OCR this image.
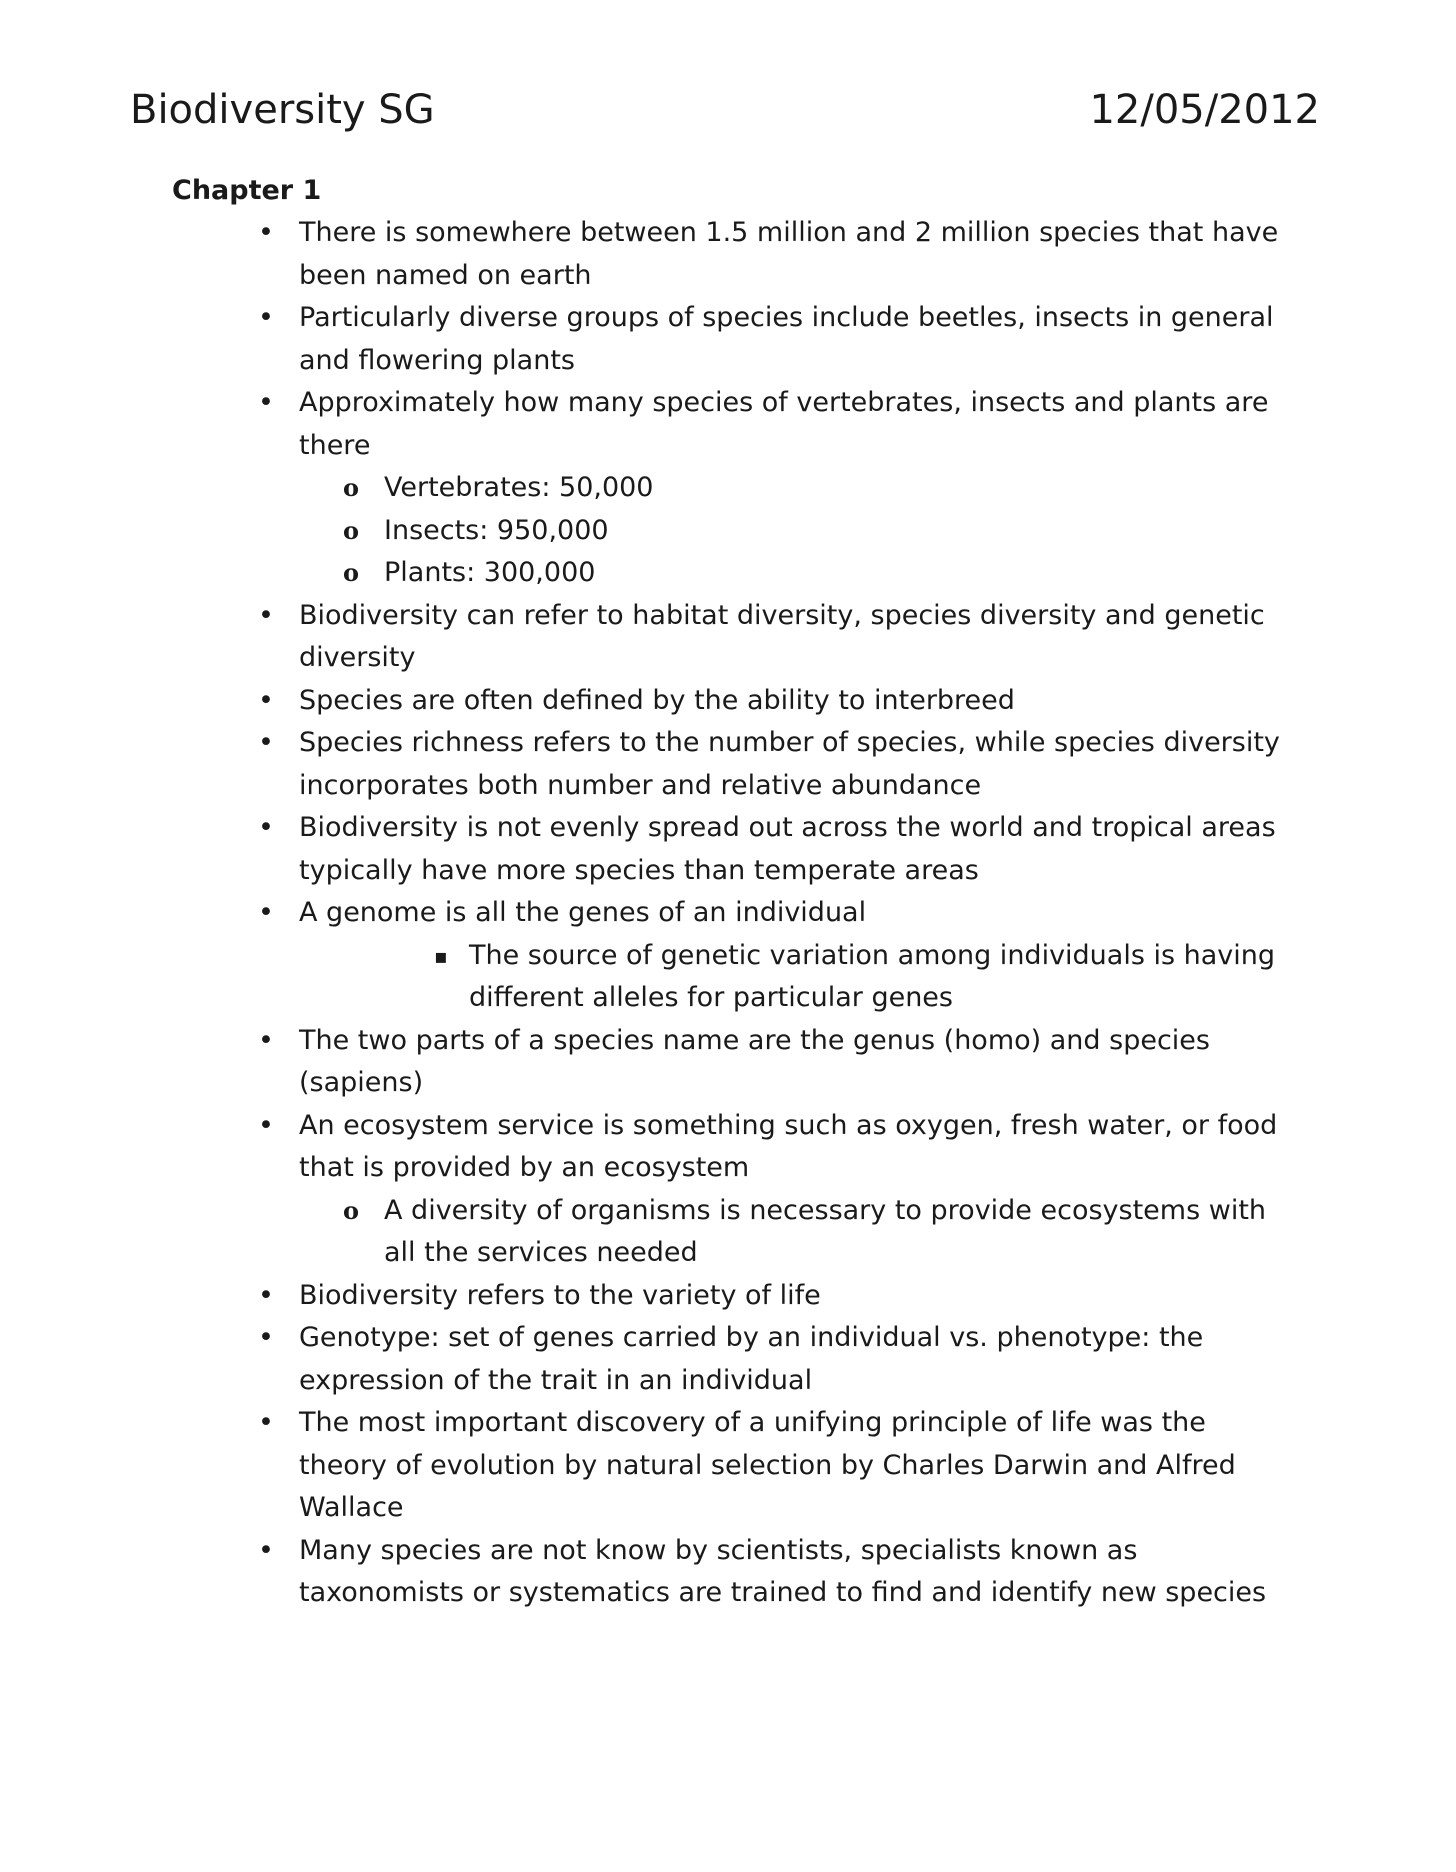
Biodiversity SG	12/05/2012

Chapter 1

• There is somewhere between 1.5 million and 2 million species that have been named on earth
• Particularly diverse groups of species include beetles, insects in general and flowering plants
• Approximately how many species of vertebrates, insects and plants are there
o Vertebrates: 50,000
o Insects: 950,000
o Plants: 300,000
• Biodiversity can refer to habitat diversity, species diversity and genetic diversity
• Species are often defined by the ability to interbreed
• Species richness refers to the number of species, while species diversity incorporates both number and relative abundance
• Biodiversity is not evenly spread out across the world and tropical areas typically have more species than temperate areas
• A genome is all the genes of an individual
▪ The source of genetic variation among individuals is having different alleles for particular genes
• The two parts of a species name are the genus (homo) and species (sapiens)
• An ecosystem service is something such as oxygen, fresh water, or food that is provided by an ecosystem
o A diversity of organisms is necessary to provide ecosystems with all the services needed
• Biodiversity refers to the variety of life
• Genotype: set of genes carried by an individual vs. phenotype: the expression of the trait in an individual
• The most important discovery of a unifying principle of life was the theory of evolution by natural selection by Charles Darwin and Alfred Wallace
• Many species are not know by scientists, specialists known as taxonomists or systematics are trained to find and identify new species
